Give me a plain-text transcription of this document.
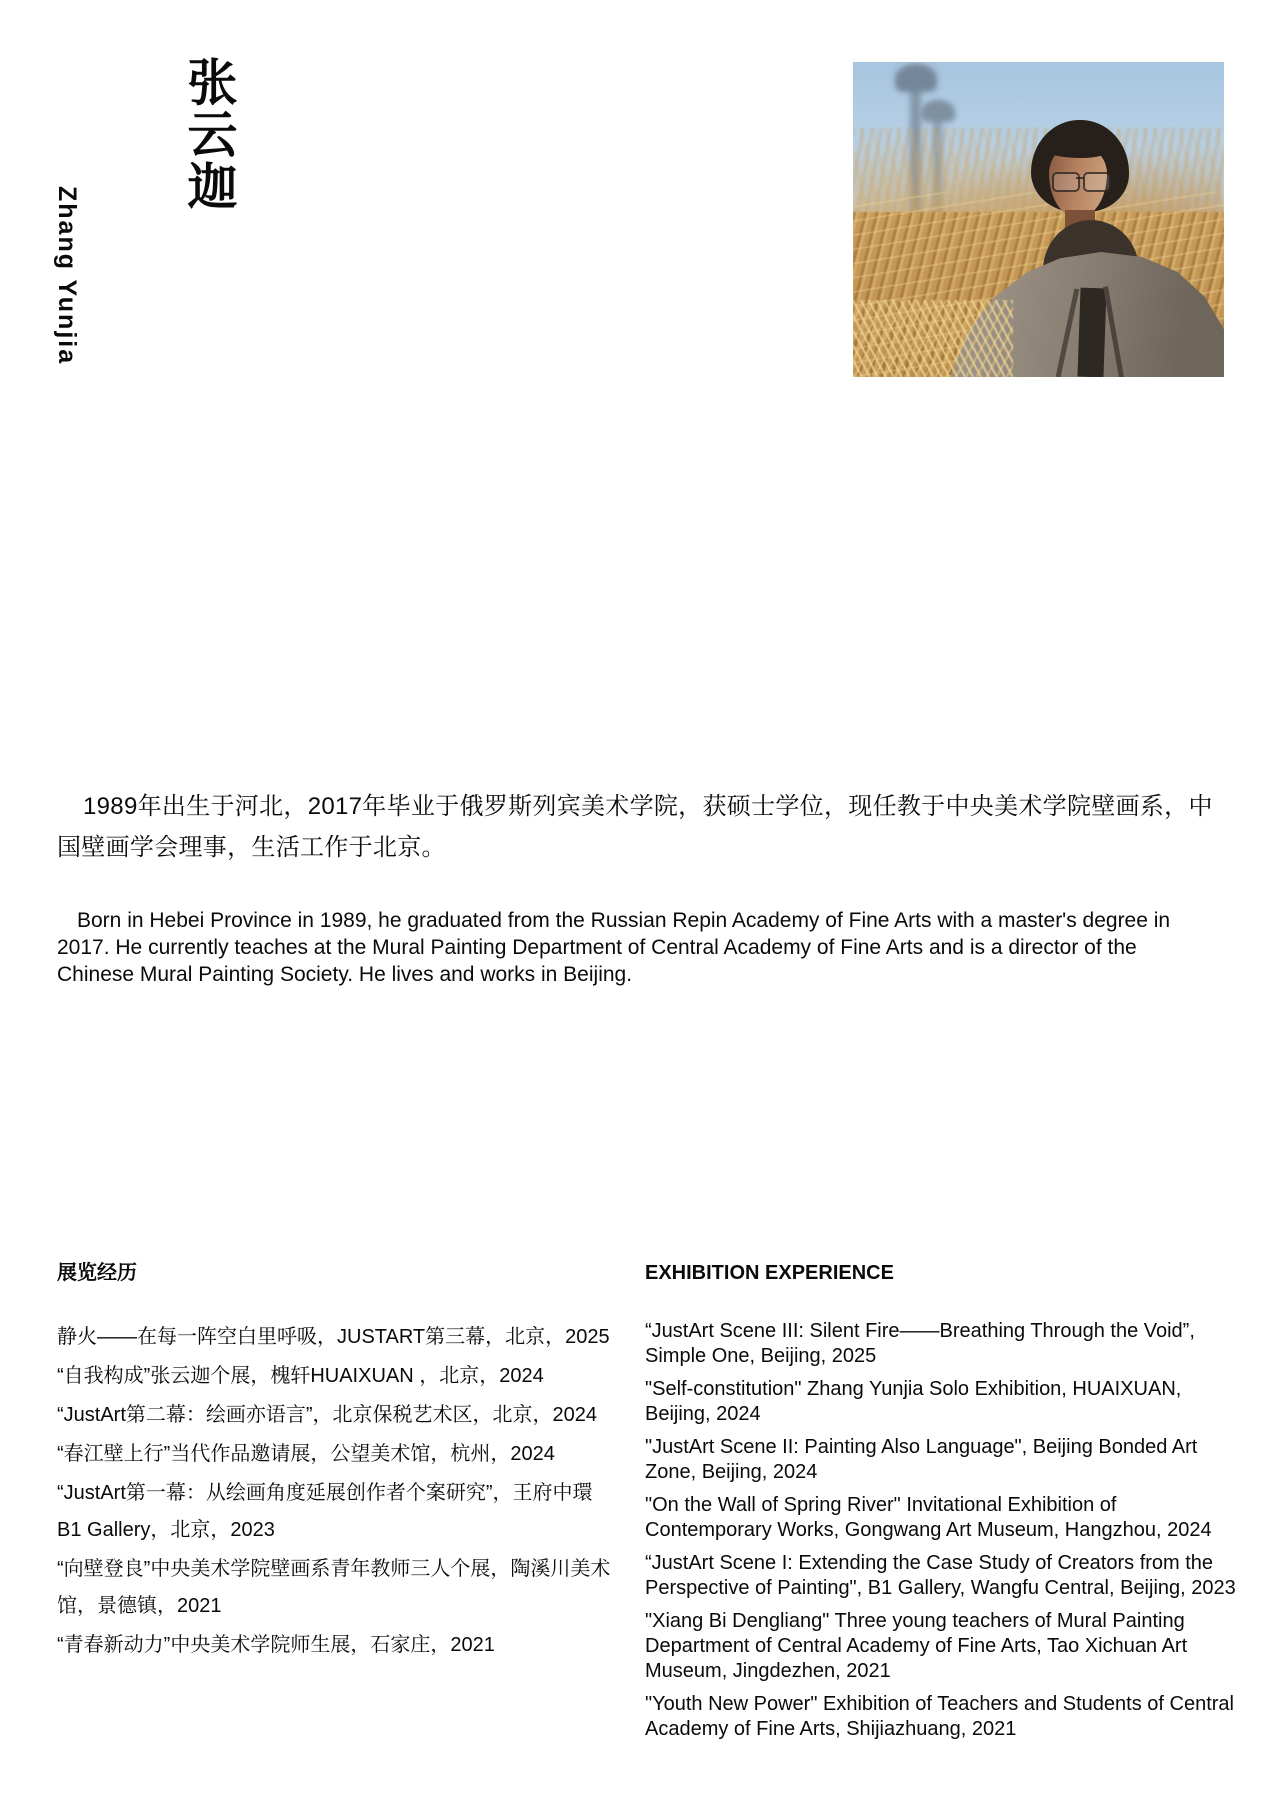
张云迦
Zhang Yunjia

1989年出生于河北，2017年毕业于俄罗斯列宾美术学院，获硕士学位，现任教于中央美术学院壁画系，中国壁画学会理事，生活工作于北京。

Born in Hebei Province in 1989, he graduated from the Russian Repin Academy of Fine Arts with a master's degree in 2017. He currently teaches at the Mural Painting Department of Central Academy of Fine Arts and is a director of the Chinese Mural Painting Society. He lives and works in Beijing.

展览经历

静火——在每一阵空白里呼吸，JUSTART第三幕，北京，2025

“自我构成”张云迦个展，槐轩HUAIXUAN ，北京，2024

“JustArt第二幕：绘画亦语言”，北京保税艺术区，北京，2024

“春江壁上行”当代作品邀请展，公望美术馆，杭州，2024

“JustArt第一幕：从绘画角度延展创作者个案研究”，王府中環 B1 Gallery，北京，2023

“向壁登良”中央美术学院壁画系青年教师三人个展，陶溪川美术馆，景德镇，2021

“青春新动力”中央美术学院师生展，石家庄，2021

EXHIBITION EXPERIENCE

“JustArt Scene III: Silent Fire——Breathing Through the Void”, Simple One, Beijing, 2025

"Self-constitution" Zhang Yunjia Solo Exhibition, HUAIXUAN, Beijing, 2024

"JustArt Scene II: Painting Also Language", Beijing Bonded Art Zone, Beijing, 2024

"On the Wall of Spring River" Invitational Exhibition of Contemporary Works, Gongwang Art Museum, Hangzhou, 2024

“JustArt Scene I: Extending the Case Study of Creators from the Perspective of Painting", B1 Gallery, Wangfu Central, Beijing, 2023

"Xiang Bi Dengliang" Three young teachers of Mural Painting Department of Central Academy of Fine Arts, Tao Xichuan Art Museum, Jingdezhen, 2021

"Youth New Power" Exhibition of Teachers and Students of Central Academy of Fine Arts, Shijiazhuang, 2021
